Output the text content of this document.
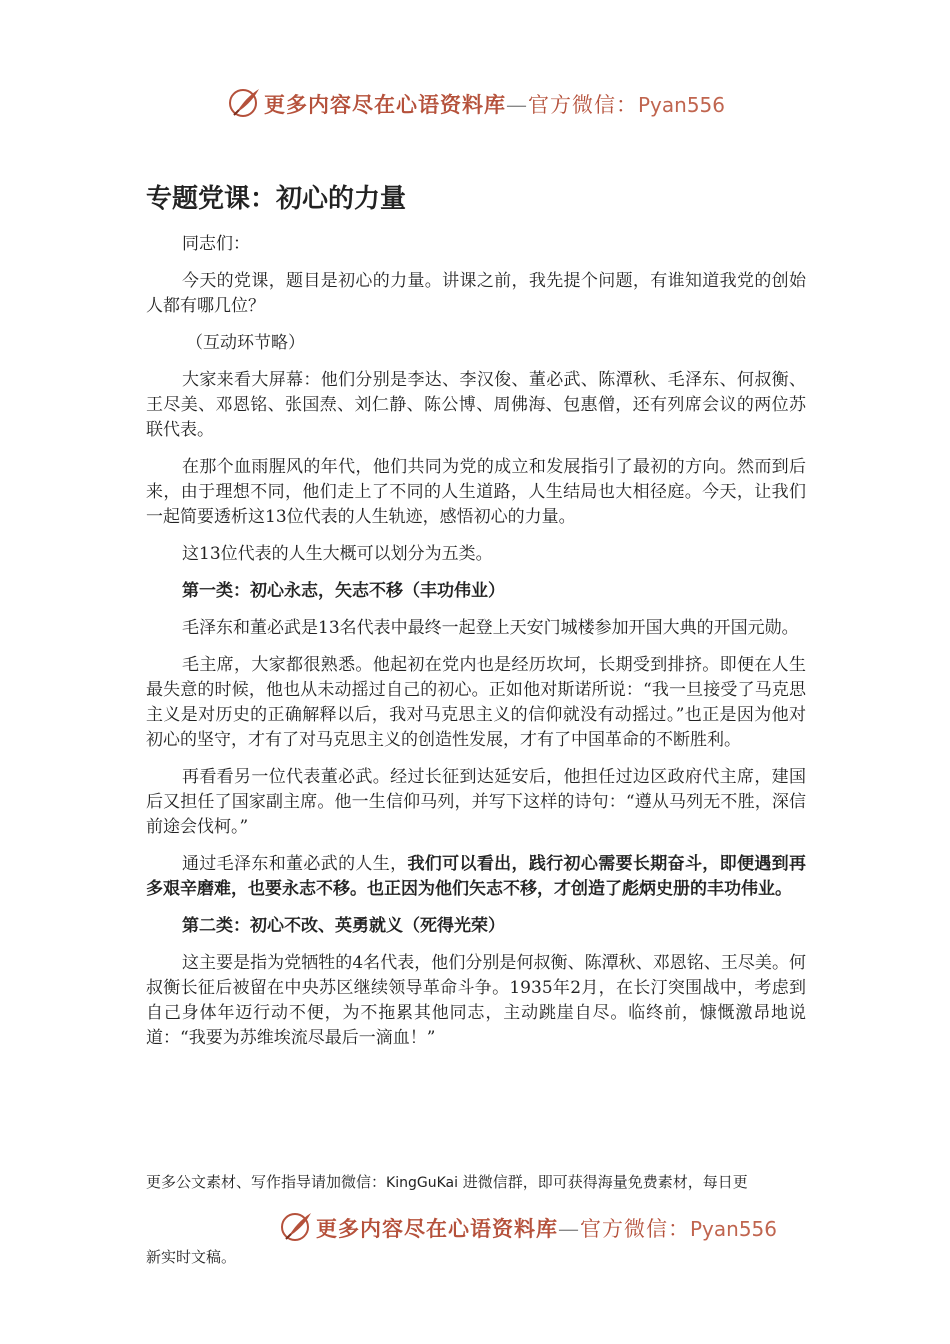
更多内容尽在心语资料库—官方微信：Pyan556
专题党课：初心的力量

同志们：

今天的党课，题目是初心的力量。讲课之前，我先提个问题，有谁知道我党的创始人都有哪几位？

（互动环节略）

大家来看大屏幕：他们分别是李达、李汉俊、董必武、陈潭秋、毛泽东、何叔衡、王尽美、邓恩铭、张国焘、刘仁静、陈公博、周佛海、包惠僧，还有列席会议的两位苏联代表。

在那个血雨腥风的年代，他们共同为党的成立和发展指引了最初的方向。然而到后来，由于理想不同，他们走上了不同的人生道路，人生结局也大相径庭。今天，让我们一起简要透析这13位代表的人生轨迹，感悟初心的力量。

这13位代表的人生大概可以划分为五类。

第一类：初心永志，矢志不移（丰功伟业）

毛泽东和董必武是13名代表中最终一起登上天安门城楼参加开国大典的开国元勋。

毛主席，大家都很熟悉。他起初在党内也是经历坎坷，长期受到排挤。即便在人生最失意的时候，他也从未动摇过自己的初心。正如他对斯诺所说：“我一旦接受了马克思主义是对历史的正确解释以后，我对马克思主义的信仰就没有动摇过。”也正是因为他对初心的坚守，才有了对马克思主义的创造性发展，才有了中国革命的不断胜利。

再看看另一位代表董必武。经过长征到达延安后，他担任过边区政府代主席，建国后又担任了国家副主席。他一生信仰马列，并写下这样的诗句：“遵从马列无不胜，深信前途会伐柯。”

通过毛泽东和董必武的人生，我们可以看出，践行初心需要长期奋斗，即便遇到再多艰辛磨难，也要永志不移。也正因为他们矢志不移，才创造了彪炳史册的丰功伟业。

第二类：初心不改、英勇就义（死得光荣）

这主要是指为党牺牲的4名代表，他们分别是何叔衡、陈潭秋、邓恩铭、王尽美。何叔衡长征后被留在中央苏区继续领导革命斗争。1935年2月，在长汀突围战中，考虑到自己身体年迈行动不便，为不拖累其他同志，主动跳崖自尽。临终前，慷慨激昂地说道：“我要为苏维埃流尽最后一滴血！”

更多公文素材、写作指导请加微信：KingGuKai 进微信群，即可获得海量免费素材，每日更
更多内容尽在心语资料库—官方微信：Pyan556
新实时文稿。
